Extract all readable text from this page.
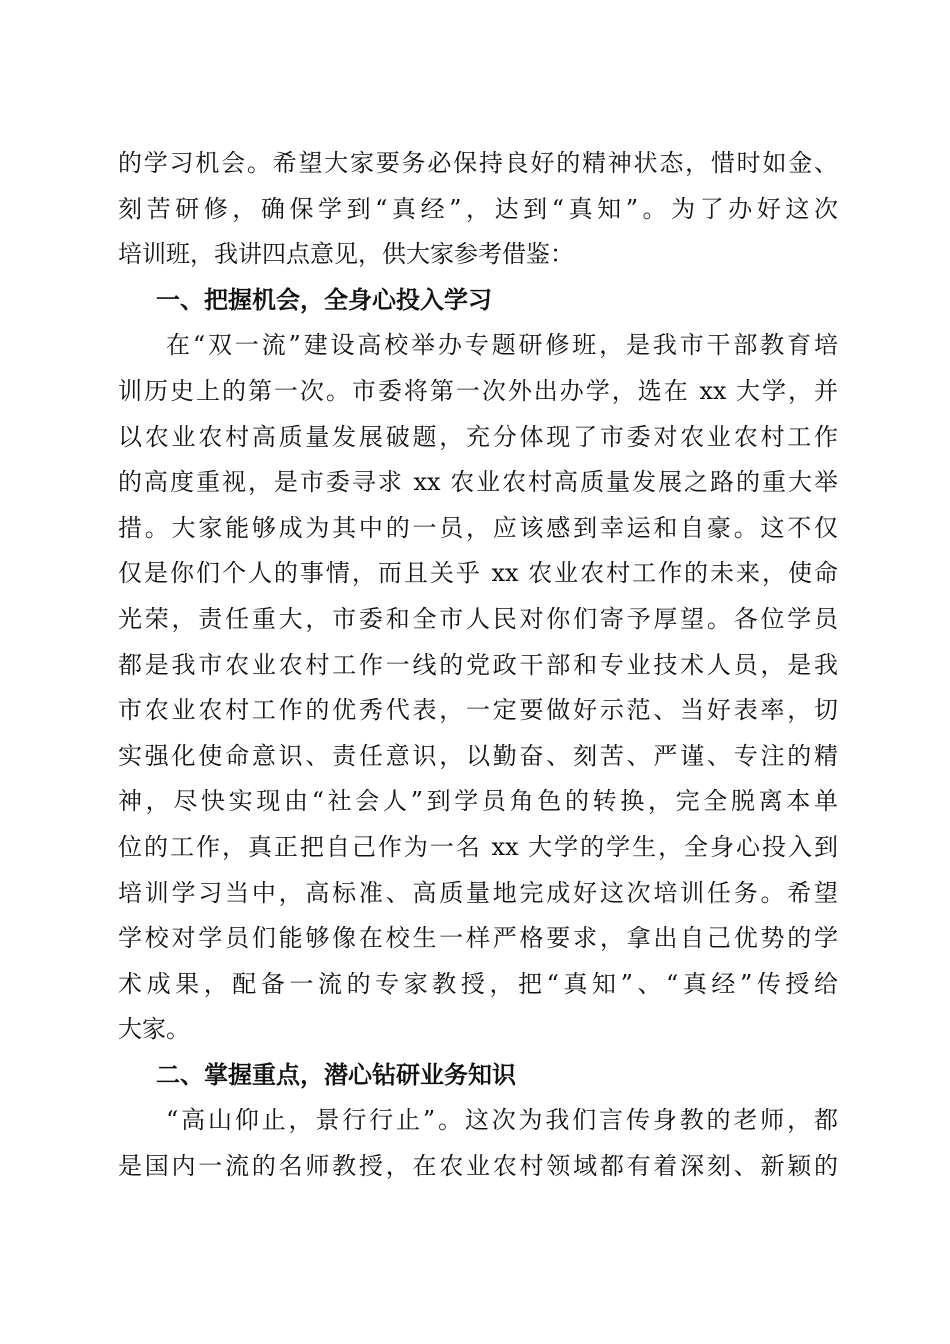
的学习机会。希望大家要务必保持良好的精神状态，惜时如金、
刻苦研修，确保学到“真经”，达到“真知”。为了办好这次
培训班，我讲四点意见，供大家参考借鉴：
一、把握机会，全身心投入学习
在“双一流”建设高校举办专题研修班，是我市干部教育培
训历史上的第一次。市委将第一次外出办学，选在 xx 大学，并
以农业农村高质量发展破题，充分体现了市委对农业农村工作
的高度重视，是市委寻求 xx 农业农村高质量发展之路的重大举
措。大家能够成为其中的一员，应该感到幸运和自豪。这不仅
仅是你们个人的事情，而且关乎 xx 农业农村工作的未来，使命
光荣，责任重大，市委和全市人民对你们寄予厚望。各位学员
都是我市农业农村工作一线的党政干部和专业技术人员，是我
市农业农村工作的优秀代表，一定要做好示范、当好表率，切
实强化使命意识、责任意识，以勤奋、刻苦、严谨、专注的精
神，尽快实现由“社会人”到学员角色的转换，完全脱离本单
位的工作，真正把自己作为一名 xx 大学的学生，全身心投入到
培训学习当中，高标准、高质量地完成好这次培训任务。希望
学校对学员们能够像在校生一样严格要求，拿出自己优势的学
术成果，配备一流的专家教授，把“真知”、“真经”传授给
大家。
二、掌握重点，潜心钻研业务知识
“高山仰止，景行行止”。这次为我们言传身教的老师，都
是国内一流的名师教授，在农业农村领域都有着深刻、新颖的
